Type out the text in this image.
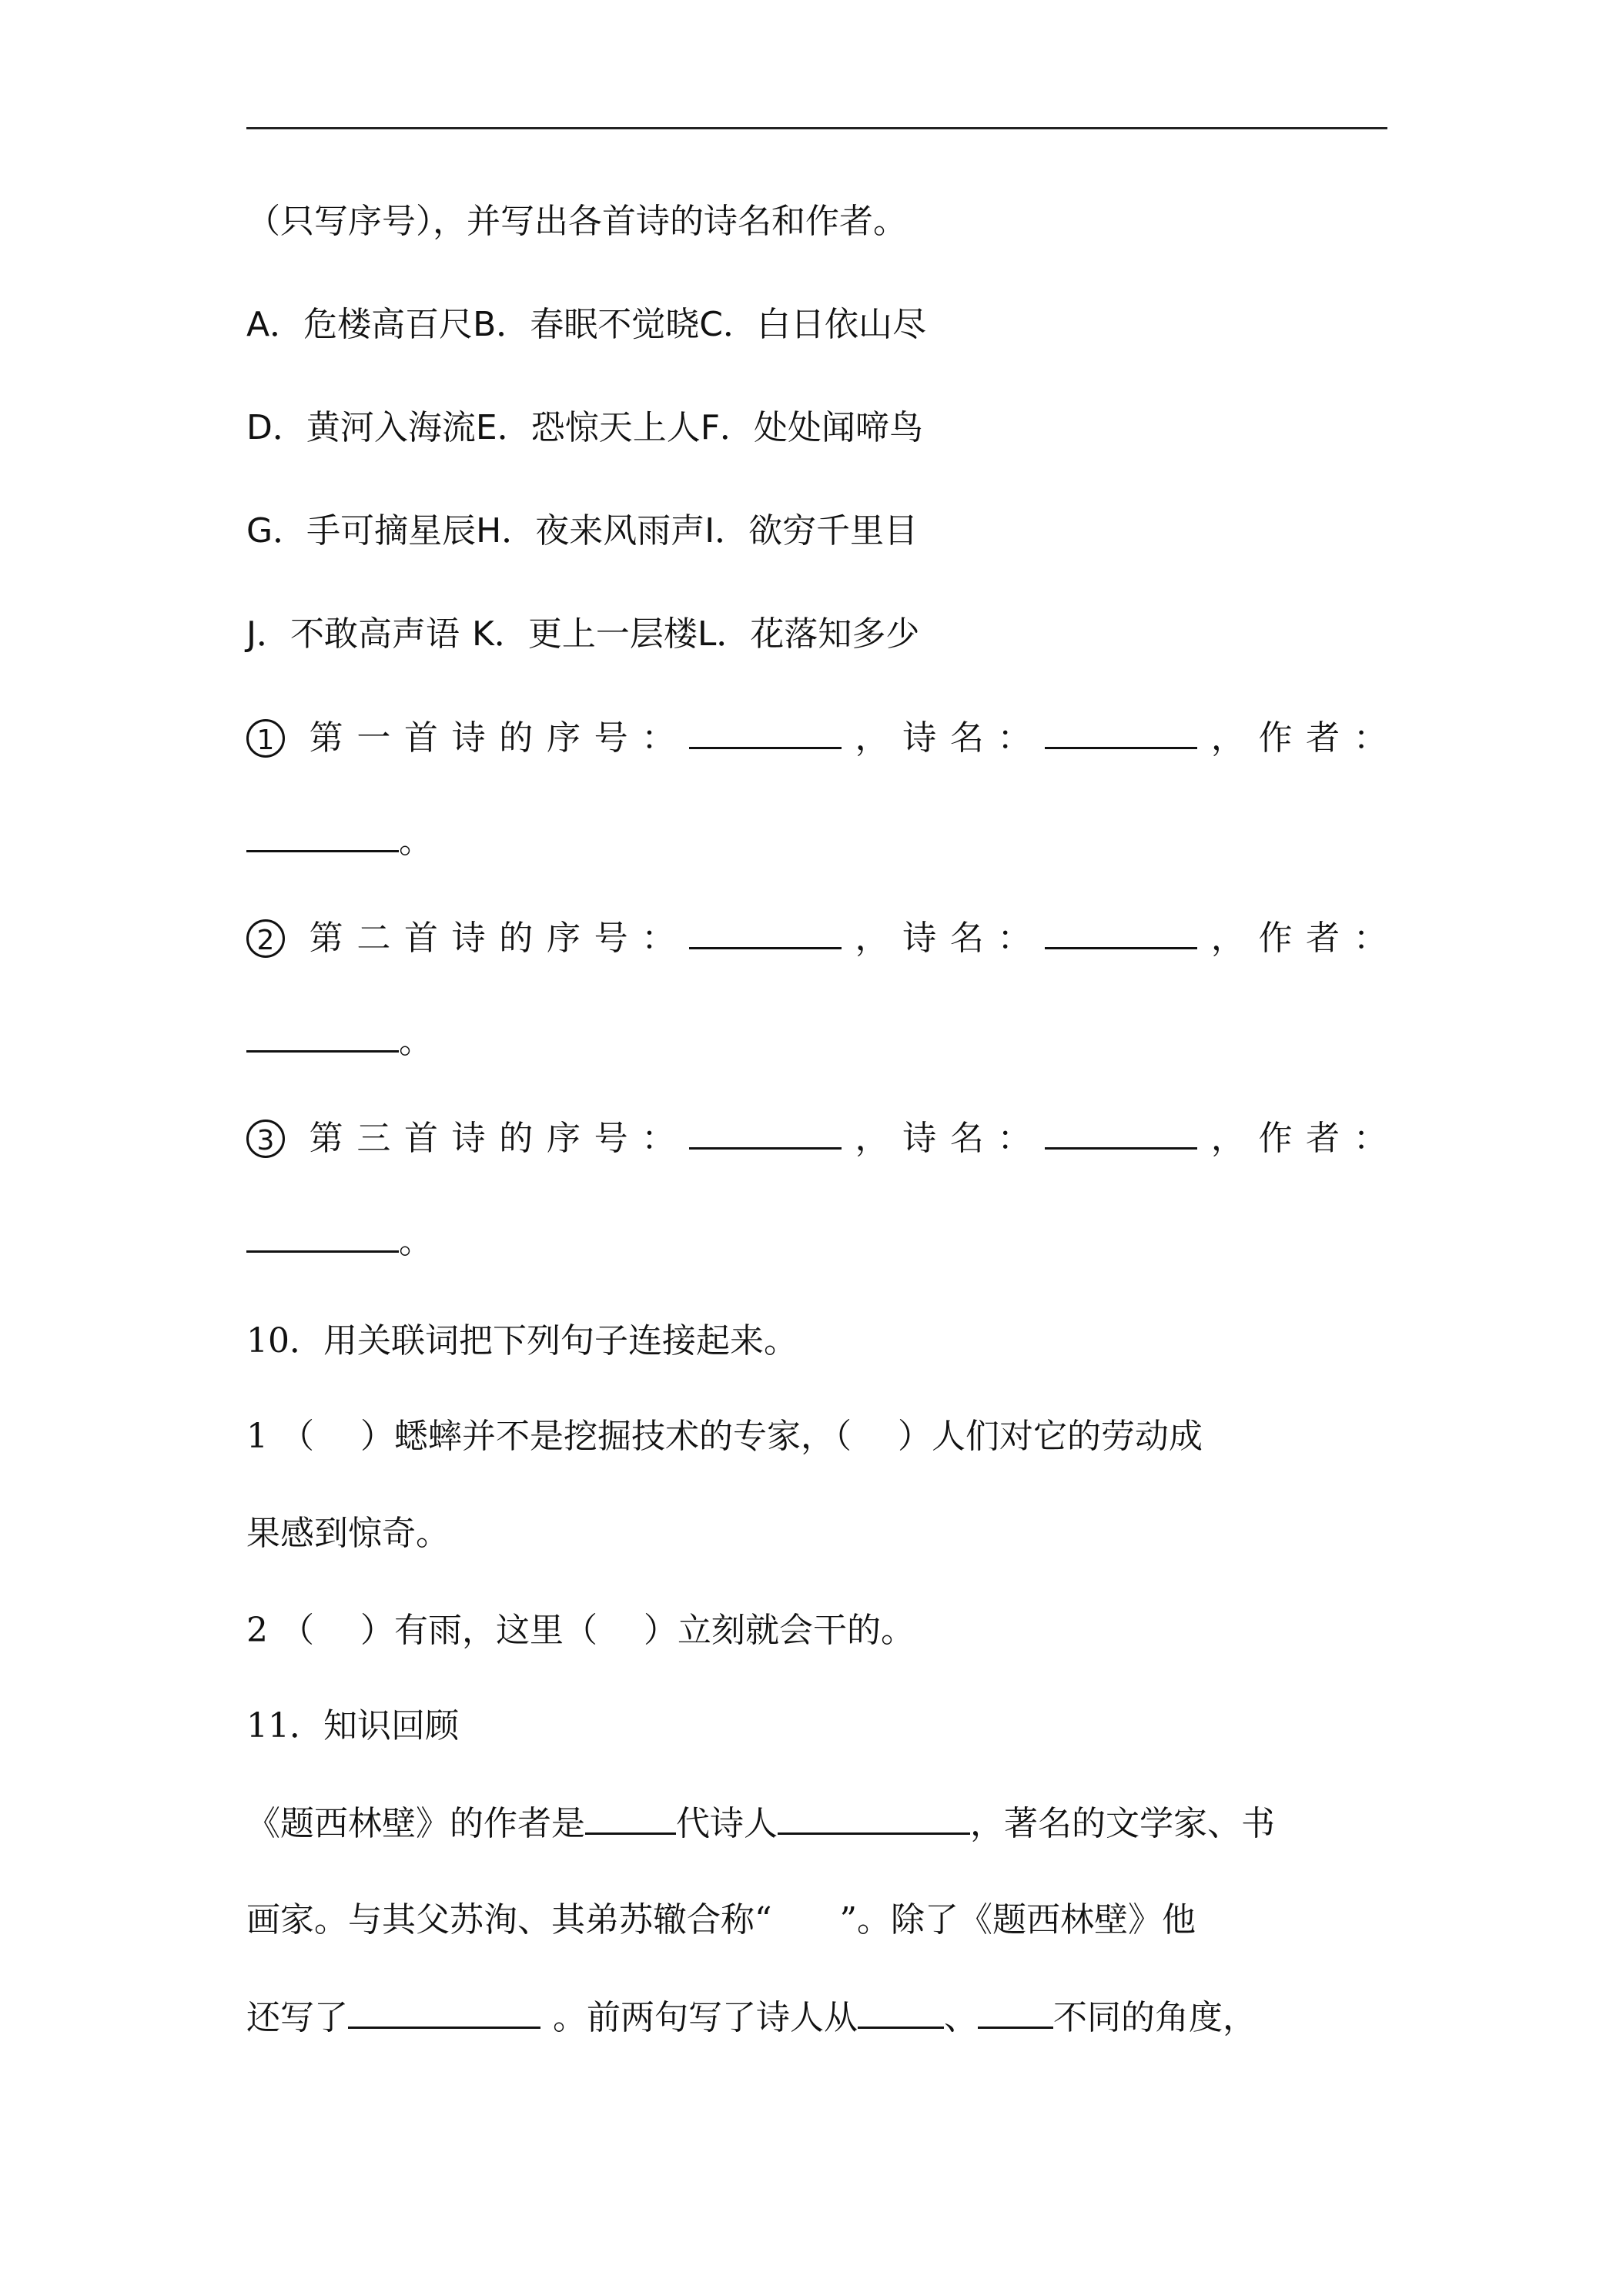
（只写序号），并写出各首诗的诗名和作者。
A．危楼高百尺B．春眠不觉晓C．白日依山尽
D．黄河入海流E．恐惊天上人F．处处闻啼鸟
G．手可摘星辰H．夜来风雨声I．欲穷千里目
J．不敢高声语 K．更上一层楼L．花落知多少
1	第 一 首 诗 的 序 号 ：	， 诗 名 ：	， 作 者 ：
。
2	第 二 首 诗 的 序 号 ：	， 诗 名 ：	， 作 者 ：
。
3	第 三 首 诗 的 序 号 ：	， 诗 名 ：	， 作 者 ：
。
10．用关联词把下列句子连接起来。
1 （ ）蟋蟀并不是挖掘技术的专家，（ ）人们对它的劳动成
果感到惊奇。
2 （ ）有雨，这里（ ）立刻就会干的。
11．知识回顾
《题西林壁》的作者是	代诗人	，著名的文学家、书
画家。与其父苏洵、其弟苏辙合称“ ”。除了《题西林壁》他
还写了	。前两句写了诗人从	、 不同的角度，
